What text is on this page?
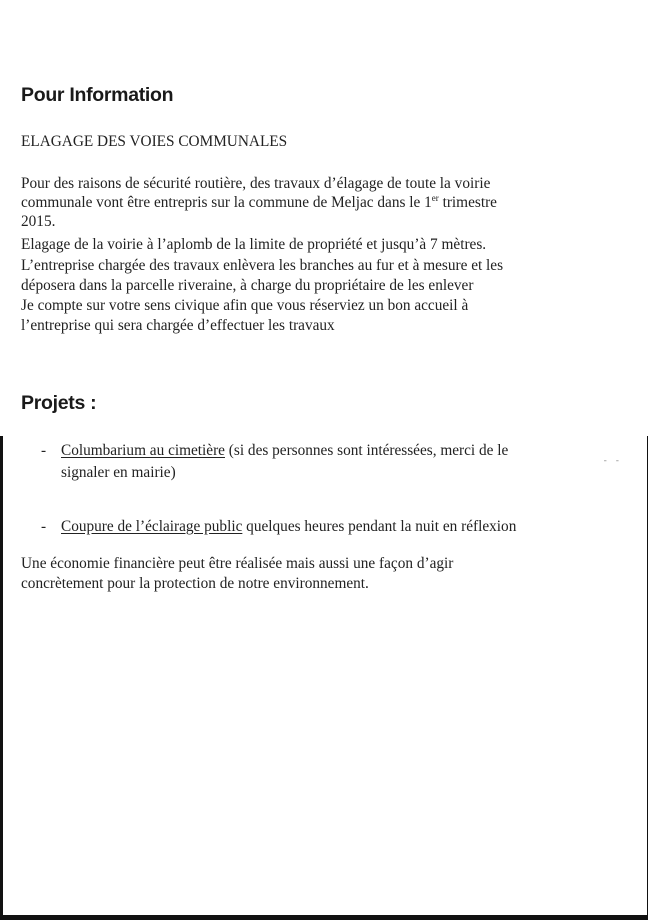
Pour Information
ELAGAGE DES VOIES COMMUNALES
Pour des raisons de sécurité routière, des travaux d’élagage de toute la voirie
communale vont être entrepris sur la commune de Meljac dans le 1er trimestre
2015.
Elagage de la voirie à l’aplomb de la limite de propriété et jusqu’à 7 mètres.
L’entreprise chargée des travaux enlèvera les branches au fur et à mesure et les
déposera dans la parcelle riveraine, à charge du propriétaire de les enlever
Je compte sur votre sens civique afin que vous réserviez un bon accueil à
l’entreprise qui sera chargée d’effectuer les travaux
Projets :
- -
- Columbarium au cimetière (si des personnes sont intéressées, merci de le
signaler en mairie)
- Coupure de l’éclairage public quelques heures pendant la nuit en réflexion
Une économie financière peut être réalisée mais aussi une façon d’agir
concrètement pour la protection de notre environnement.
